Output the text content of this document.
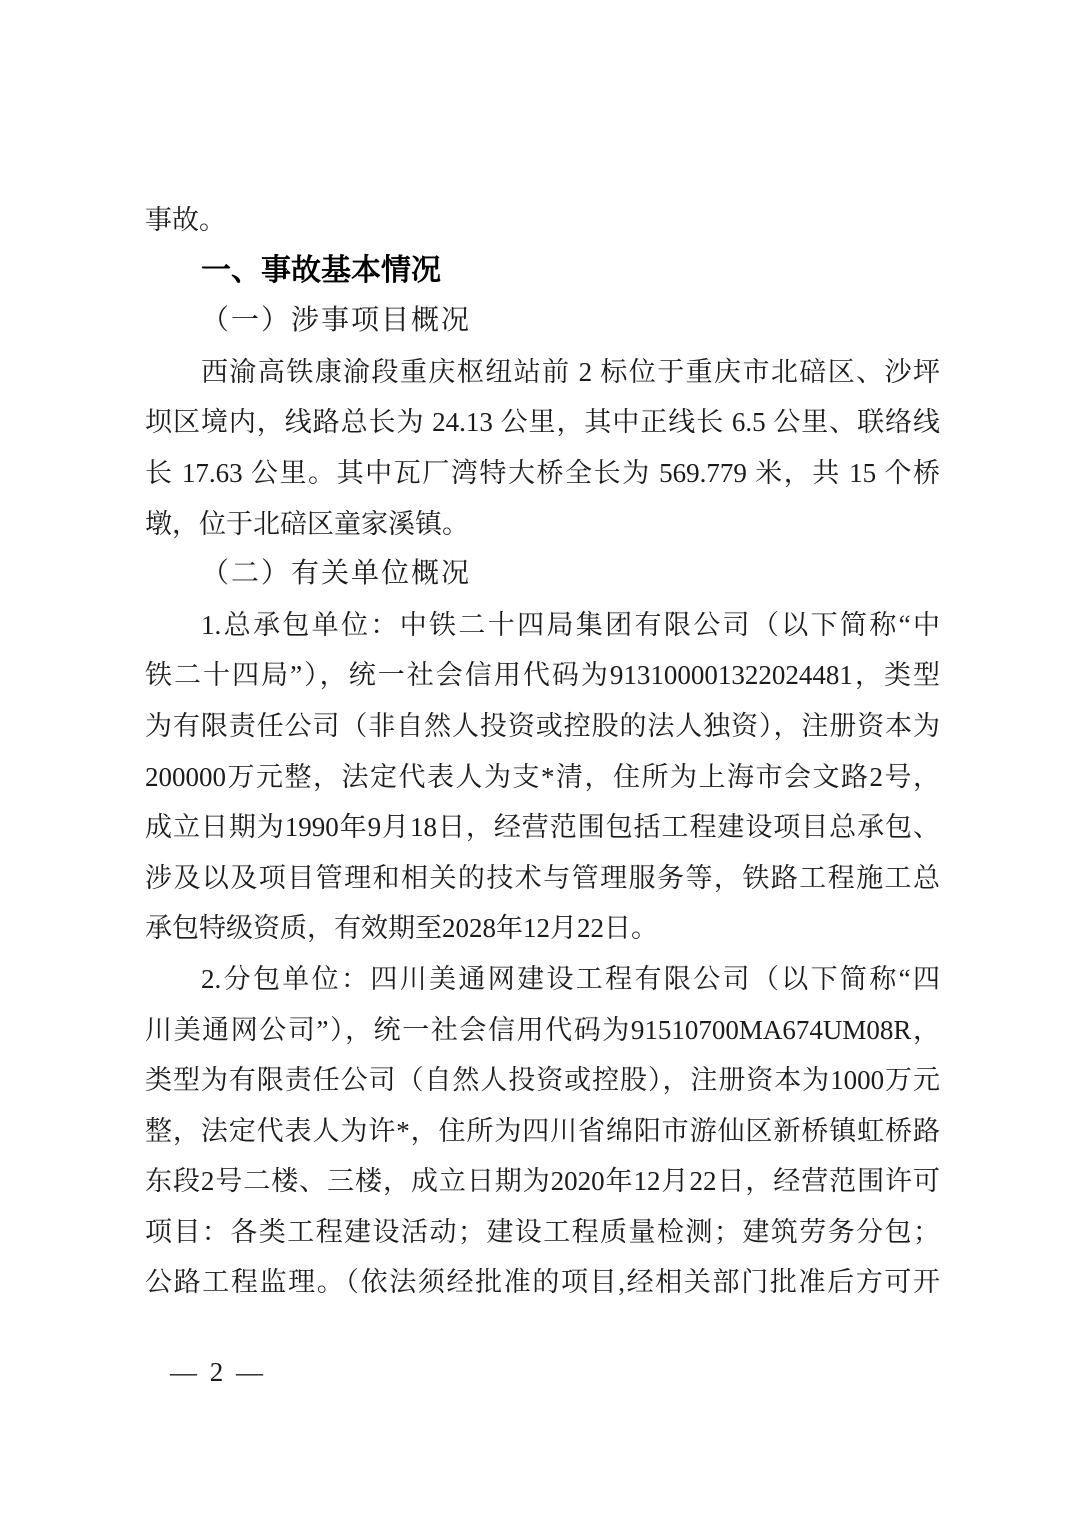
事故。
一、事故基本情况
（一）涉事项目概况
西渝高铁康渝段重庆枢纽站前 2 标位于重庆市北碚区、沙坪
坝区境内，线路总长为 24.13 公里，其中正线长 6.5 公里、联络线
长 17.63 公里。其中瓦厂湾特大桥全长为 569.779 米，共 15 个桥
墩，位于北碚区童家溪镇。
（二）有关单位概况
1.总承包单位：中铁二十四局集团有限公司（以下简称“中
铁二十四局”），统一社会信用代码为913100001322024481，类型
为有限责任公司（非自然人投资或控股的法人独资），注册资本为
200000万元整，法定代表人为支*清，住所为上海市会文路2号，
成立日期为1990年9月18日，经营范围包括工程建设项目总承包、
涉及以及项目管理和相关的技术与管理服务等，铁路工程施工总
承包特级资质，有效期至2028年12月22日。
2.分包单位：四川美通网建设工程有限公司（以下简称“四
川美通网公司”），统一社会信用代码为91510700MA674UM08R，
类型为有限责任公司（自然人投资或控股），注册资本为1000万元
整，法定代表人为许*，住所为四川省绵阳市游仙区新桥镇虹桥路
东段2号二楼、三楼，成立日期为2020年12月22日，经营范围许可
项目：各类工程建设活动；建设工程质量检测；建筑劳务分包；
公路工程监理。（依法须经批准的项目,经相关部门批准后方可开
— 2 —
